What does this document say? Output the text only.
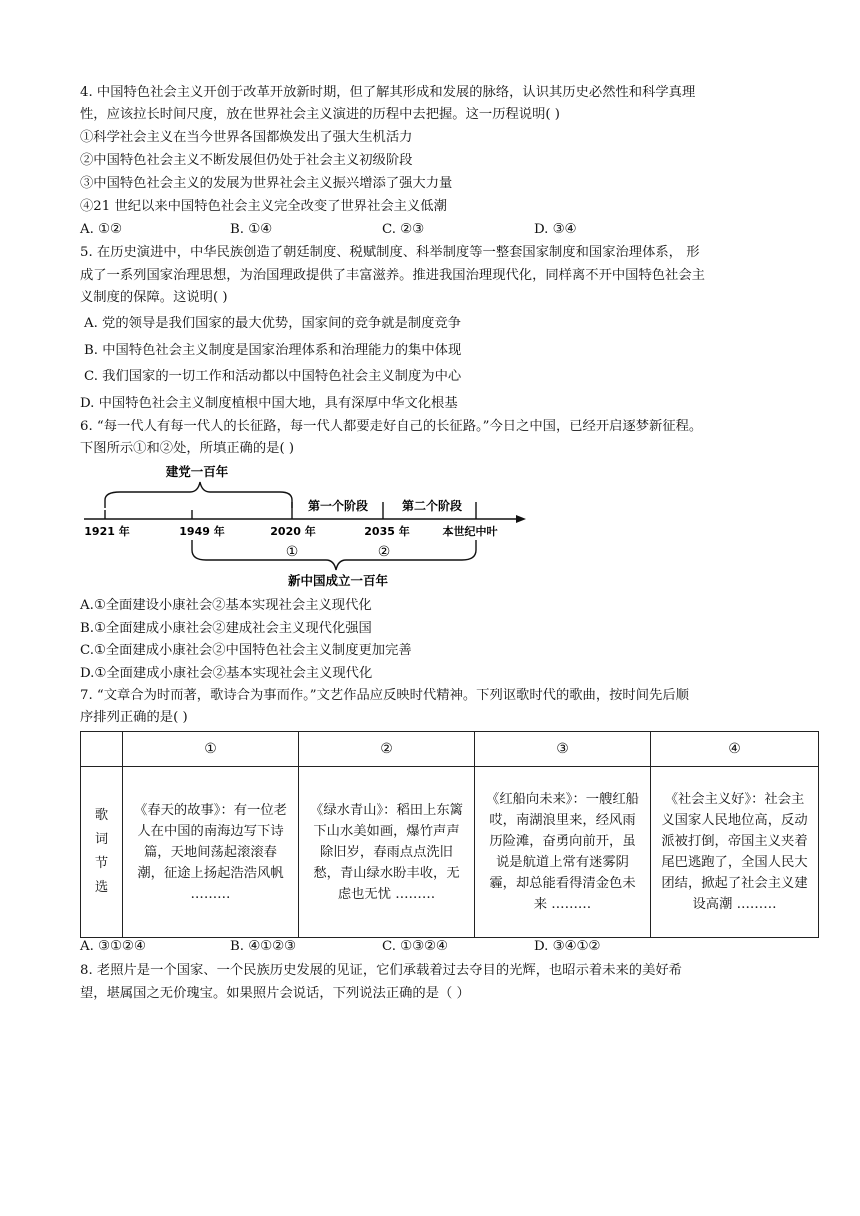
4. 中国特色社会主义开创于改革开放新时期，但了解其形成和发展的脉络，认识其历史必然性和科学真理
性，应该拉长时间尺度，放在世界社会主义演进的历程中去把握。这一历程说明( )
①科学社会主义在当今世界各国都焕发出了强大生机活力
②中国特色社会主义不断发展但仍处于社会主义初级阶段
③中国特色社会主义的发展为世界社会主义振兴增添了强大力量
④21 世纪以来中国特色社会主义完全改变了世界社会主义低潮
A. ①②	B. ①④	C. ②③	D. ③④
5. 在历史演进中，中华民族创造了朝廷制度、税赋制度、科举制度等一整套国家制度和国家治理体系， 形
成了一系列国家治理思想，为治国理政提供了丰富滋养。推进我国治理现代化，同样离不开中国特色社会主
义制度的保障。这说明( )
A. 党的领导是我们国家的最大优势，国家间的竞争就是制度竞争
B. 中国特色社会主义制度是国家治理体系和治理能力的集中体现
C. 我们国家的一切工作和活动都以中国特色社会主义制度为中心
D. 中国特色社会主义制度植根中国大地，具有深厚中华文化根基
6. “每一代人有每一代人的长征路，每一代人都要走好自己的长征路。”今日之中国，已经开启逐梦新征程。
下图所示①和②处，所填正确的是( )
建党一百年
第一个阶段	第二个阶段
1921 年	1949 年	2020 年	2035 年	本世纪中叶
①	②
新中国成立一百年
A.①全面建设小康社会②基本实现社会主义现代化
B.①全面建成小康社会②建成社会主义现代化强国
C.①全面建成小康社会②中国特色社会主义制度更加完善
D.①全面建成小康社会②基本实现社会主义现代化
7. “文章合为时而著，歌诗合为事而作。”文艺作品应反映时代精神。下列讴歌时代的歌曲，按时间先后顺
序排列正确的是( )
	①	②	③	④

歌词节选	《春天的故事》：有一位老人在中国的南海边写下诗篇，天地间荡起滚滚春潮，征途上扬起浩浩风帆 ………	《绿水青山》：稻田上东篱下山水美如画，爆竹声声除旧岁，春雨点点洗旧愁，青山绿水盼丰收，无虑也无忧 ………	《红船向未来》：一艘红船哎，南湖浪里来，经风雨历险滩，奋勇向前开，虽说是航道上常有迷雾阴霾，却总能看得清金色未来 ………	《社会主义好》：社会主义国家人民地位高，反动派被打倒，帝国主义夹着尾巴逃跑了，全国人民大团结，掀起了社会主义建设高潮 ………
A. ③①②④	B. ④①②③	C. ①③②④	D. ③④①②
8. 老照片是一个国家、一个民族历史发展的见证，它们承载着过去夺目的光辉，也昭示着未来的美好希
望，堪属国之无价瑰宝。如果照片会说话，下列说法正确的是（ ）
